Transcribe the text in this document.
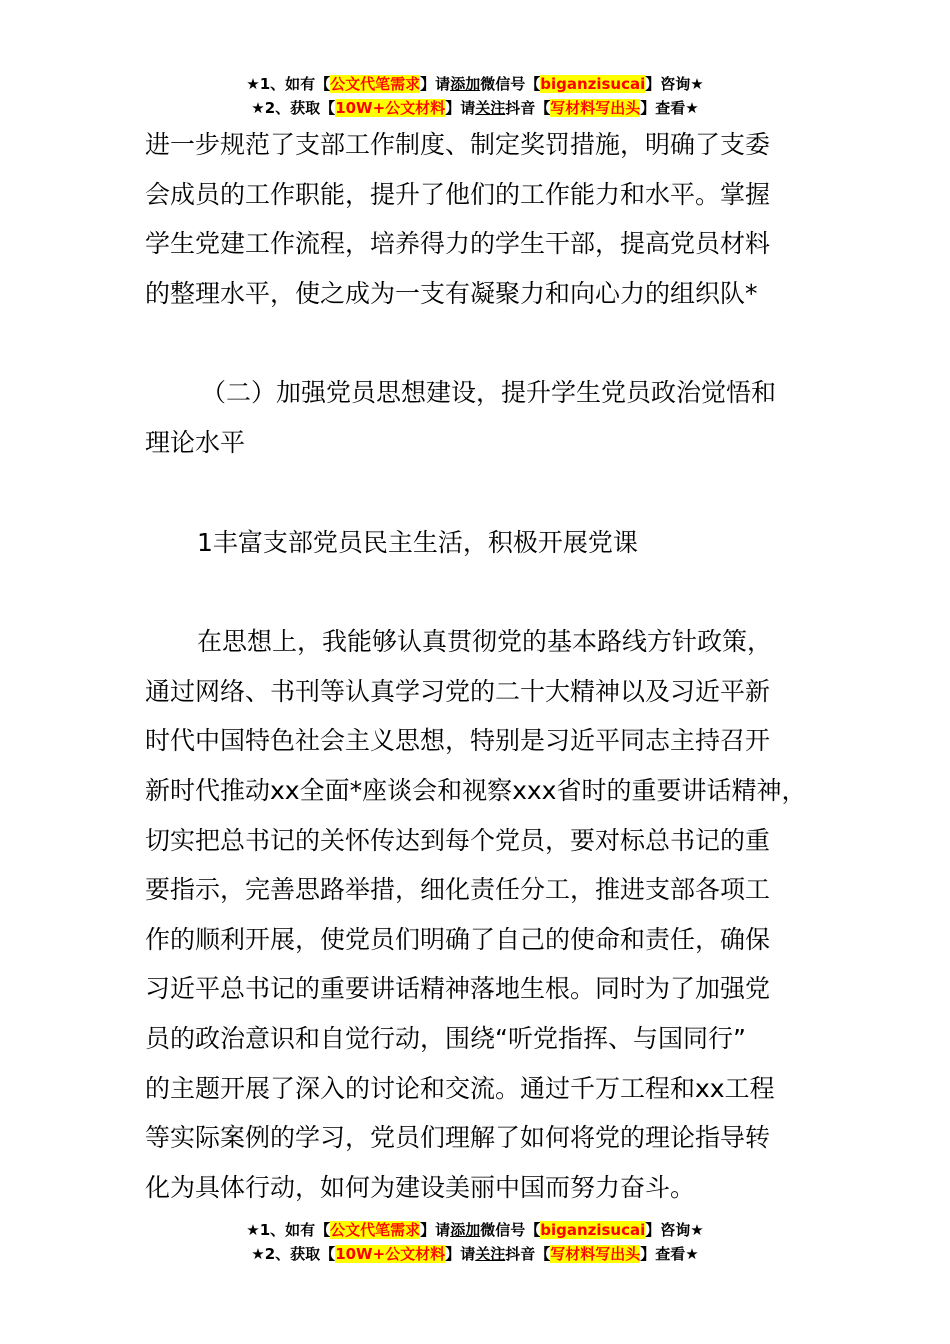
★1、如有【公文代笔需求】请添加微信号【biganzisucai】咨询★
★2、获取【10W+公文材料】请关注抖音【写材料写出头】查看★
进一步规范了支部工作制度、制定奖罚措施，明确了支委
会成员的工作职能，提升了他们的工作能力和水平。掌握
学生党建工作流程，培养得力的学生干部，提高党员材料
的整理水平，使之成为一支有凝聚力和向心力的组织队*
（二）加强党员思想建设，提升学生党员政治觉悟和
理论水平
1丰富支部党员民主生活，积极开展党课
在思想上，我能够认真贯彻党的基本路线方针政策，
通过网络、书刊等认真学习党的二十大精神以及习近平新
时代中国特色社会主义思想，特别是习近平同志主持召开
新时代推动xx全面*座谈会和视察xxx省时的重要讲话精神，
切实把总书记的关怀传达到每个党员，要对标总书记的重
要指示，完善思路举措，细化责任分工，推进支部各项工
作的顺利开展，使党员们明确了自己的使命和责任，确保
习近平总书记的重要讲话精神落地生根。同时为了加强党
员的政治意识和自觉行动，围绕“听党指挥、与国同行”
的主题开展了深入的讨论和交流。通过千万工程和xx工程
等实际案例的学习，党员们理解了如何将党的理论指导转
化为具体行动，如何为建设美丽中国而努力奋斗。
★1、如有【公文代笔需求】请添加微信号【biganzisucai】咨询★
★2、获取【10W+公文材料】请关注抖音【写材料写出头】查看★
